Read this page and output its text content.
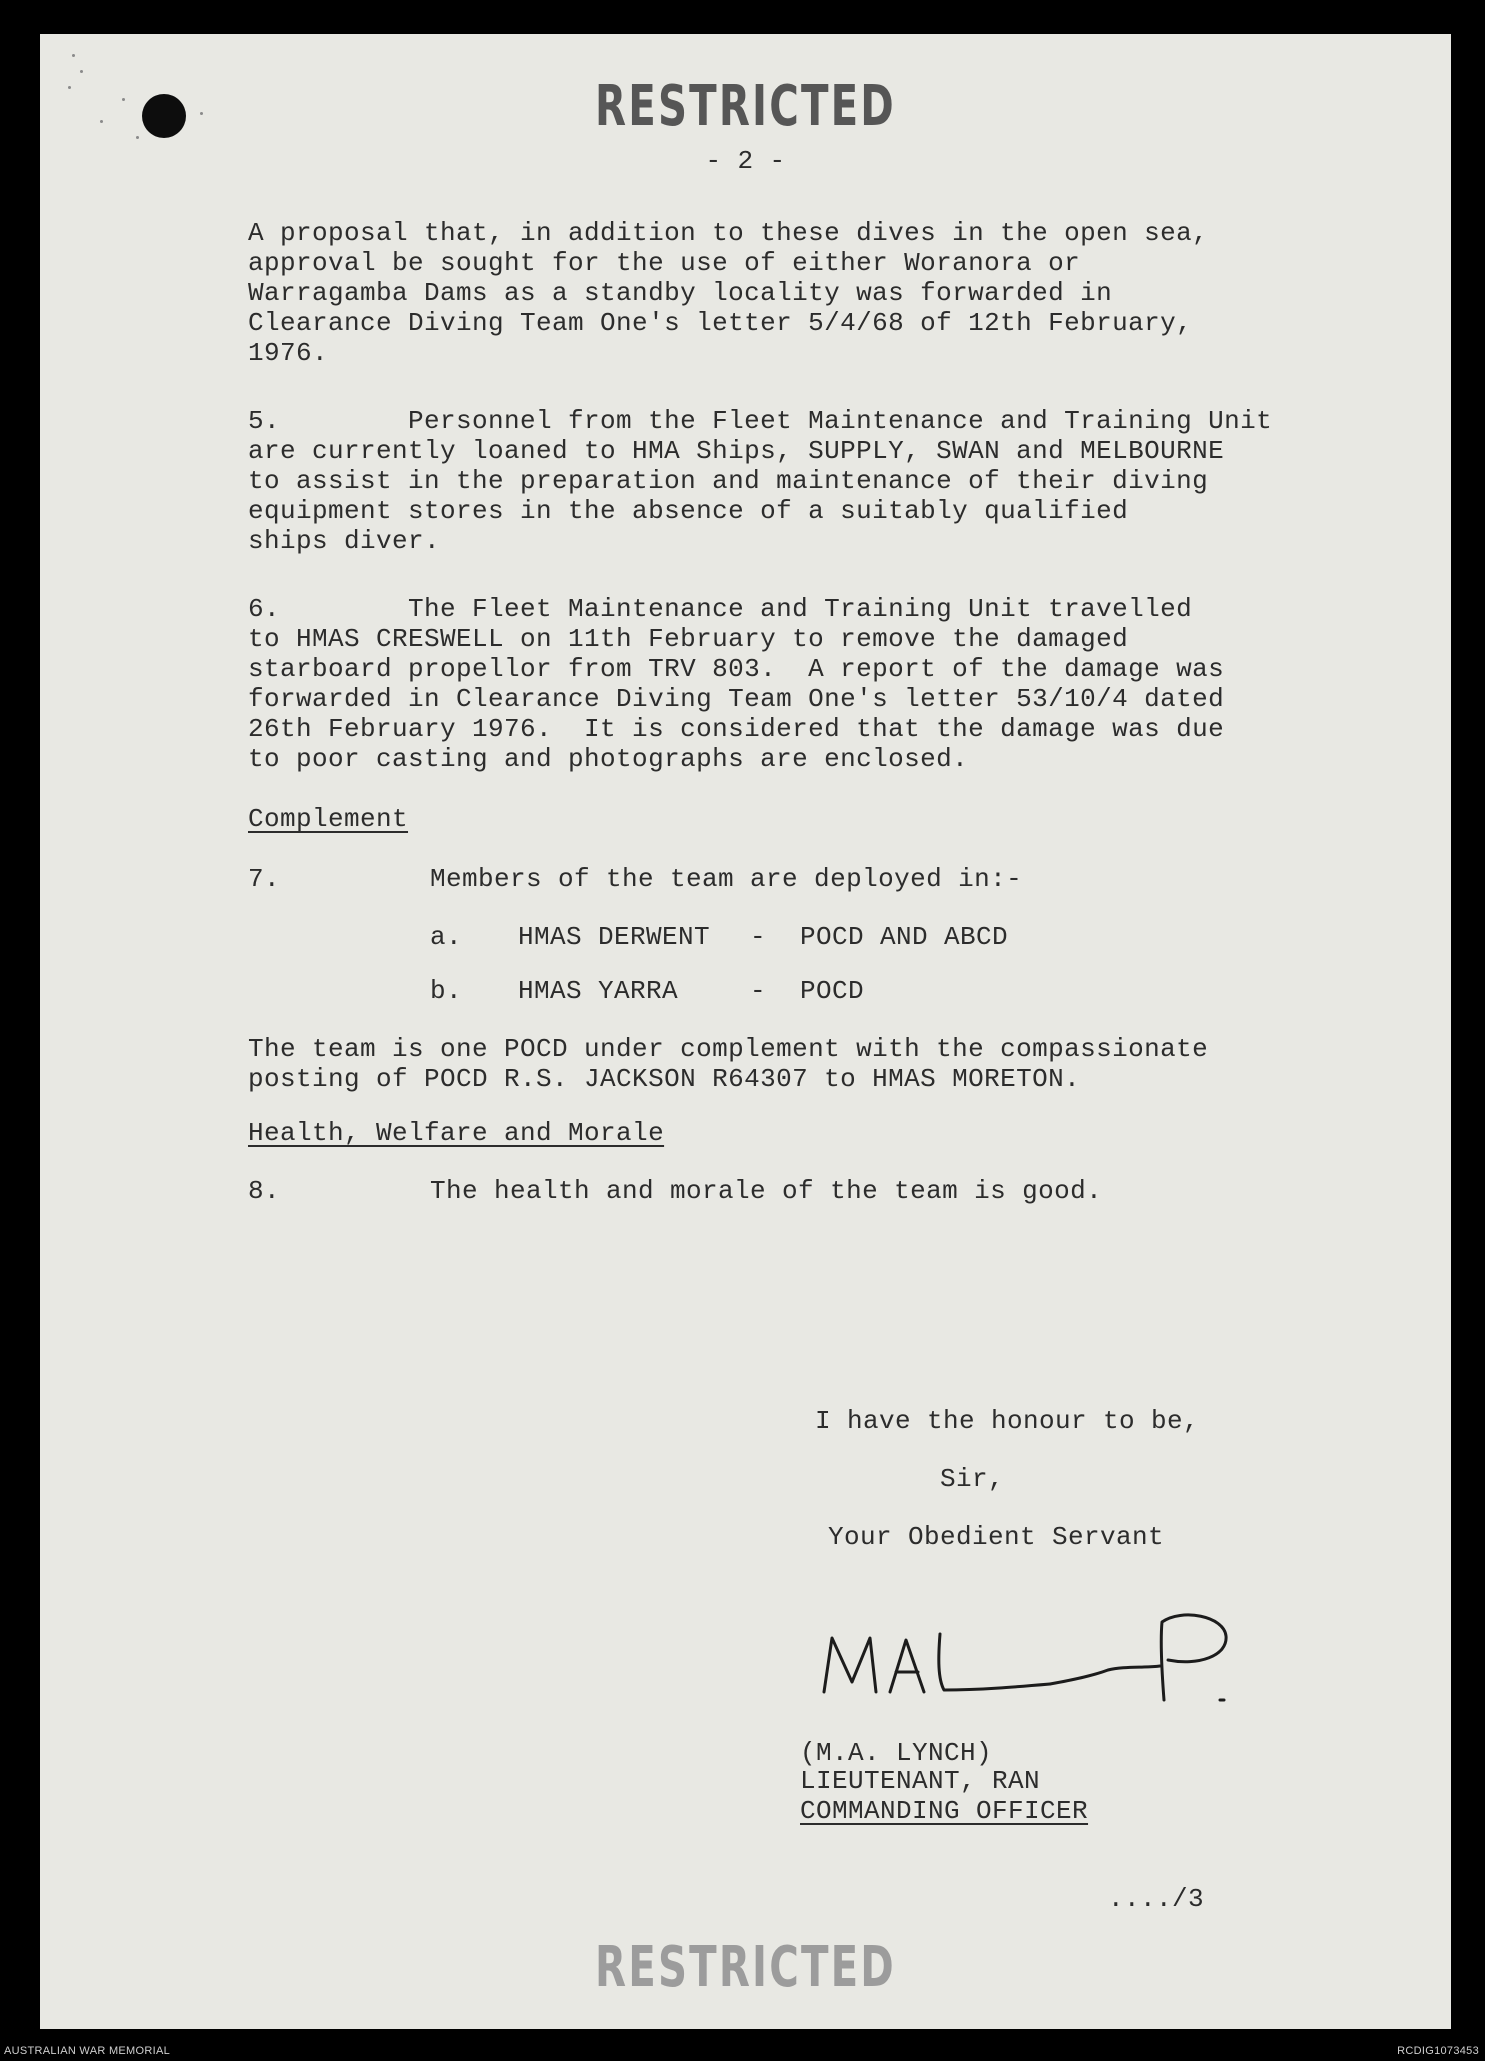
RESTRICTED
- 2 -
A proposal that, in addition to these dives in the open sea,
approval be sought for the use of either Woranora or
Warragamba Dams as a standby locality was forwarded in
Clearance Diving Team One's letter 5/4/68 of 12th February,
1976.
5.        Personnel from the Fleet Maintenance and Training Unit
are currently loaned to HMA Ships, SUPPLY, SWAN and MELBOURNE
to assist in the preparation and maintenance of their diving
equipment stores in the absence of a suitably qualified
ships diver.
6.        The Fleet Maintenance and Training Unit travelled
to HMAS CRESWELL on 11th February to remove the damaged
starboard propellor from TRV 803.  A report of the damage was
forwarded in Clearance Diving Team One's letter 53/10/4 dated
26th February 1976.  It is considered that the damage was due
to poor casting and photographs are enclosed.
Complement
7.	Members of the team are deployed in:-
a. HMAS DERWENT - POCD AND ABCD
b. HMAS YARRA	- POCD
The team is one POCD under complement with the compassionate
posting of POCD R.S. JACKSON R64307 to HMAS MORETON.
Health, Welfare and Morale
8.	The health and morale of the team is good.
I have the honour to be,
Sir,
Your Obedient Servant
(M.A. LYNCH)
LIEUTENANT, RAN
COMMANDING OFFICER
..../3
RESTRICTED
AUSTRALIAN WAR MEMORIAL	RCDIG1073453
